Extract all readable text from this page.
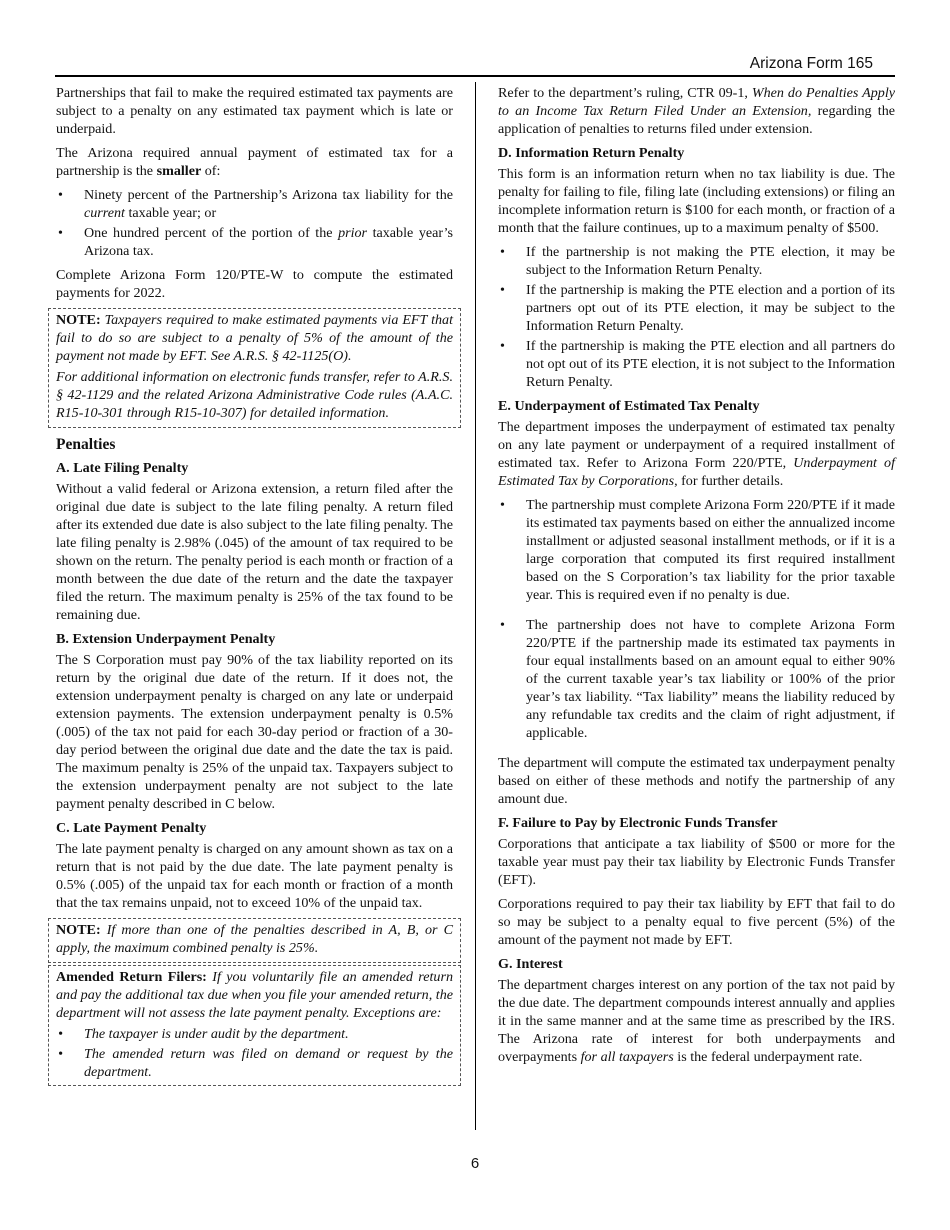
Arizona Form 165

Partnerships that fail to make the required estimated tax payments are subject to a penalty on any estimated tax payment which is late or underpaid.

The Arizona required annual payment of estimated tax for a partnership is the smaller of:

• Ninety percent of the Partnership’s Arizona tax liability for the current taxable year; or
• One hundred percent of the portion of the prior taxable year’s Arizona tax.

Complete Arizona Form 120/PTE-W to compute the estimated payments for 2022.

NOTE: Taxpayers required to make estimated payments via EFT that fail to do so are subject to a penalty of 5% of the amount of the payment not made by EFT. See A.R.S. § 42-1125(O).

For additional information on electronic funds transfer, refer to A.R.S. § 42-1129 and the related Arizona Administrative Code rules (A.A.C. R15-10-301 through R15-10-307) for detailed information.

Penalties
A. Late Filing Penalty

Without a valid federal or Arizona extension, a return filed after the original due date is subject to the late filing penalty. A return filed after its extended due date is also subject to the late filing penalty. The late filing penalty is 2.98% (.045) of the amount of tax required to be shown on the return. The penalty period is each month or fraction of a month between the due date of the return and the date the taxpayer filed the return. The maximum penalty is 25% of the tax found to be remaining due.

B. Extension Underpayment Penalty

The S Corporation must pay 90% of the tax liability reported on its return by the original due date of the return. If it does not, the extension underpayment penalty is charged on any late or underpaid extension payments. The extension underpayment penalty is 0.5% (.005) of the tax not paid for each 30-day period or fraction of a 30-day period between the original due date and the date the tax is paid. The maximum penalty is 25% of the unpaid tax. Taxpayers subject to the extension underpayment penalty are not subject to the late payment penalty described in C below.

C. Late Payment Penalty

The late payment penalty is charged on any amount shown as tax on a return that is not paid by the due date. The late payment penalty is 0.5% (.005) of the unpaid tax for each month or fraction of a month that the tax remains unpaid, not to exceed 10% of the unpaid tax.

NOTE: If more than one of the penalties described in A, B, or C apply, the maximum combined penalty is 25%.

Amended Return Filers: If you voluntarily file an amended return and pay the additional tax due when you file your amended return, the department will not assess the late payment penalty. Exceptions are:

• The taxpayer is under audit by the department.
• The amended return was filed on demand or request by the department.

Refer to the department’s ruling, CTR 09-1, When do Penalties Apply to an Income Tax Return Filed Under an Extension, regarding the application of penalties to returns filed under extension.

D. Information Return Penalty

This form is an information return when no tax liability is due. The penalty for failing to file, filing late (including extensions) or filing an incomplete information return is $100 for each month, or fraction of a month that the failure continues, up to a maximum penalty of $500.

• If the partnership is not making the PTE election, it may be subject to the Information Return Penalty.
• If the partnership is making the PTE election and a portion of its partners opt out of its PTE election, it may be subject to the Information Return Penalty.
• If the partnership is making the PTE election and all partners do not opt out of its PTE election, it is not subject to the Information Return Penalty.
E. Underpayment of Estimated Tax Penalty

The department imposes the underpayment of estimated tax penalty on any late payment or underpayment of a required installment of estimated tax. Refer to Arizona Form 220/PTE, Underpayment of Estimated Tax by Corporations, for further details.

• The partnership must complete Arizona Form 220/PTE if it made its estimated tax payments based on either the annualized income installment or adjusted seasonal installment methods, or if it is a large corporation that computed its first required installment based on the S Corporation’s tax liability for the prior taxable year. This is required even if no penalty is due.
• The partnership does not have to complete Arizona Form 220/PTE if the partnership made its estimated tax payments in four equal installments based on an amount equal to either 90% of the current taxable year’s tax liability or 100% of the prior year’s tax liability. “Tax liability” means the liability reduced by any refundable tax credits and the claim of right adjustment, if applicable.

The department will compute the estimated tax underpayment penalty based on either of these methods and notify the partnership of any amount due.

F. Failure to Pay by Electronic Funds Transfer

Corporations that anticipate a tax liability of $500 or more for the taxable year must pay their tax liability by Electronic Funds Transfer (EFT).

Corporations required to pay their tax liability by EFT that fail to do so may be subject to a penalty equal to five percent (5%) of the amount of the payment not made by EFT.

G. Interest

The department charges interest on any portion of the tax not paid by the due date. The department compounds interest annually and applies it in the same manner and at the same time as prescribed by the IRS. The Arizona rate of interest for both underpayments and overpayments for all taxpayers is the federal underpayment rate.

6
